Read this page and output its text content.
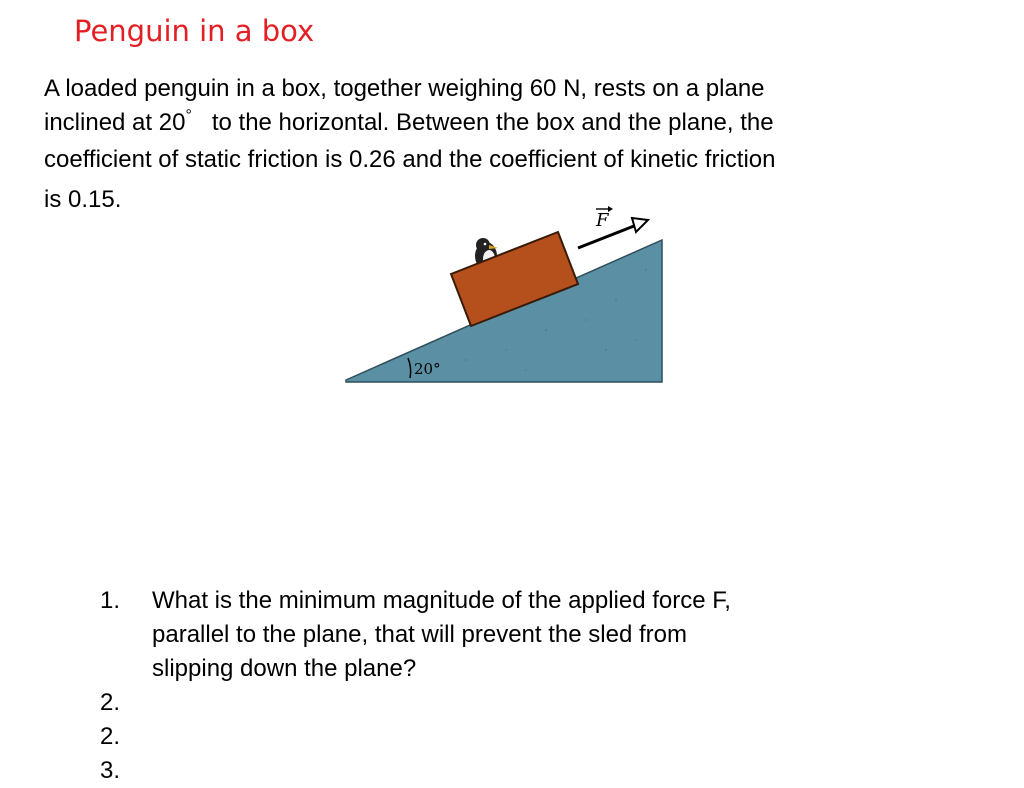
Penguin in a box
A loaded penguin in a box, together weighing 60 N, rests on a plane
inclined at 20° to the horizontal. Between the box and the plane, the
coefficient of static friction is 0.26 and the coefficient of kinetic friction
is 0.15.
20°
F
1.	What is the minimum magnitude of the applied force F,
parallel to the plane, that will prevent the sled from
slipping down the plane?
2.
2.
3.
